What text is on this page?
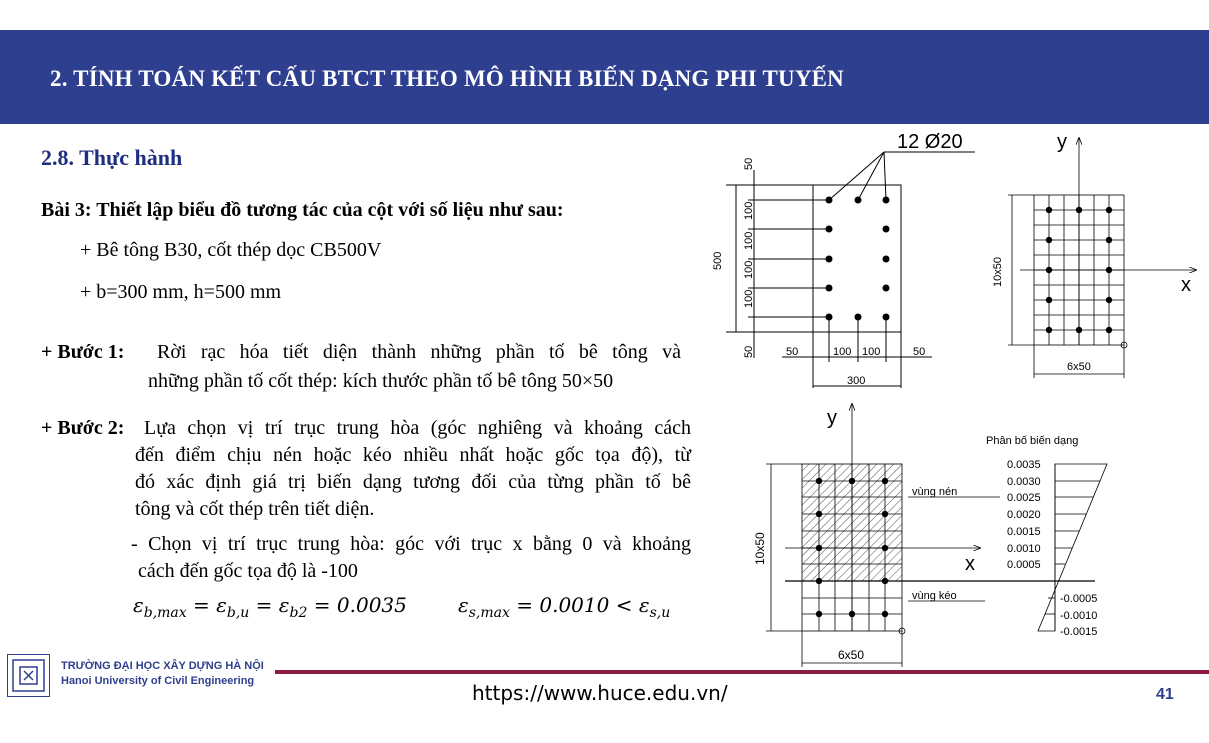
2. TÍNH TOÁN KẾT CẤU BTCT THEO MÔ HÌNH BIẾN DẠNG PHI TUYẾN
2.8. Thực hành
Bài 3: Thiết lập biểu đồ tương tác của cột với số liệu như sau:
+ Bê tông B30, cốt thép dọc CB500V
+ b=300 mm, h=500 mm
+ Bước 1: Rời rạc hóa tiết diện thành những phần tố bê tông và
những phần tố cốt thép: kích thước phần tố bê tông 50×50
+ Bước 2: Lựa chọn vị trí trục trung hòa (góc nghiêng và khoảng cách
đến điểm chịu nén hoặc kéo nhiều nhất hoặc gốc tọa độ), từ
đó xác định giá trị biến dạng tương đối của từng phần tố bê
tông và cốt thép trên tiết diện.
- Chọn vị trí trục trung hòa: góc với trục x bằng 0 và khoảng
cách đến gốc tọa độ là -100
$\varepsilon_{b,max} = \varepsilon_{b,u} = \varepsilon_{b2} = 0.0035$	$\varepsilon_{s,max} = 0.0010 < \varepsilon_{s,u}$
12 Ø20
50
100
100
100
100
50
500
50	100 100	50
300
y
x
10x50
6x50
y
x
10x50
6x50
vùng nén
vùng kéo
Phân bố biến dạng
0.0035
0.0030
0.0025
0.0020
0.0015
0.0010
0.0005
-0.0005
-0.0010
-0.0015
TRƯỜNG ĐẠI HỌC XÂY DỰNG HÀ NỘI
Hanoi University of Civil Engineering	https://www.huce.edu.vn/	41
